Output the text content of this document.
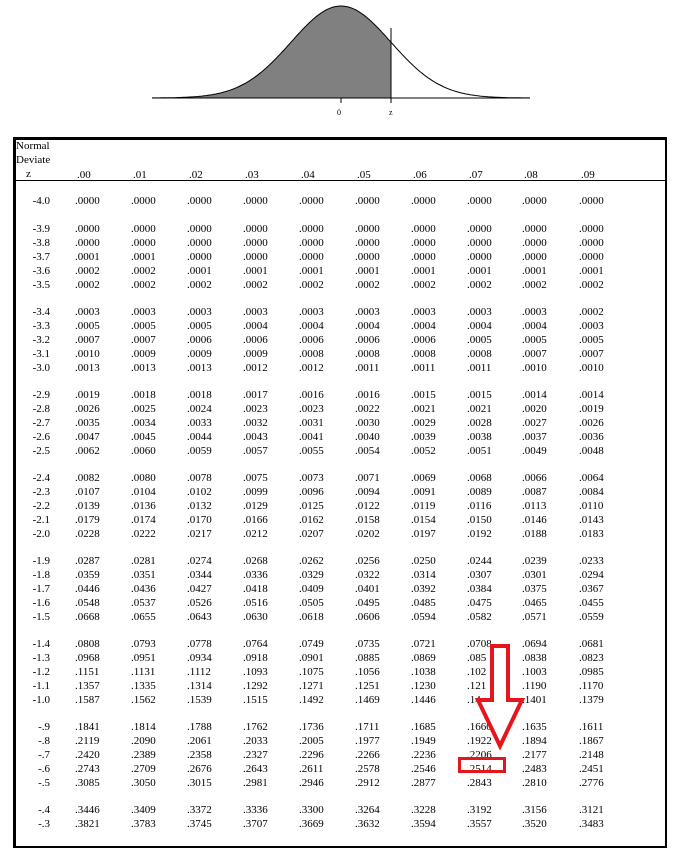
0	z
Normal
Deviate
z	.00	.01	.02	.03	.04	.05	.06	.07	.08	.09
-4.0 .0000	.0000	.0000	.0000	.0000	.0000	.0000	.0000	.0000	.0000
-3.9 .0000	.0000	.0000	.0000	.0000	.0000	.0000	.0000	.0000	.0000
-3.8 .0000	.0000	.0000	.0000	.0000	.0000	.0000	.0000	.0000	.0000
-3.7 .0001	.0001	.0000	.0000	.0000	.0000	.0000	.0000	.0000	.0000
-3.6 .0002	.0002	.0001	.0001	.0001	.0001	.0001	.0001	.0001	.0001
-3.5 .0002	.0002	.0002	.0002	.0002	.0002	.0002	.0002	.0002	.0002
-3.4 .0003	.0003	.0003	.0003	.0003	.0003	.0003	.0003	.0003	.0002
-3.3 .0005	.0005	.0005	.0004	.0004	.0004	.0004	.0004	.0004	.0003
-3.2 .0007	.0007	.0006	.0006	.0006	.0006	.0006	.0005	.0005	.0005
-3.1 .0010	.0009	.0009	.0009	.0008	.0008	.0008	.0008	.0007	.0007
-3.0 .0013	.0013	.0013	.0012	.0012	.0011	.0011	.0011	.0010	.0010
-2.9 .0019	.0018	.0018	.0017	.0016	.0016	.0015	.0015	.0014	.0014
-2.8 .0026	.0025	.0024	.0023	.0023	.0022	.0021	.0021	.0020	.0019
-2.7 .0035	.0034	.0033	.0032	.0031	.0030	.0029	.0028	.0027	.0026
-2.6 .0047	.0045	.0044	.0043	.0041	.0040	.0039	.0038	.0037	.0036
-2.5 .0062	.0060	.0059	.0057	.0055	.0054	.0052	.0051	.0049	.0048
-2.4 .0082	.0080	.0078	.0075	.0073	.0071	.0069	.0068	.0066	.0064
-2.3 .0107	.0104	.0102	.0099	.0096	.0094	.0091	.0089	.0087	.0084
-2.2 .0139	.0136	.0132	.0129	.0125	.0122	.0119	.0116	.0113	.0110
-2.1 .0179	.0174	.0170	.0166	.0162	.0158	.0154	.0150	.0146	.0143
-2.0 .0228	.0222	.0217	.0212	.0207	.0202	.0197	.0192	.0188	.0183
-1.9 .0287	.0281	.0274	.0268	.0262	.0256	.0250	.0244	.0239	.0233
-1.8 .0359	.0351	.0344	.0336	.0329	.0322	.0314	.0307	.0301	.0294
-1.7 .0446	.0436	.0427	.0418	.0409	.0401	.0392	.0384	.0375	.0367
-1.6 .0548	.0537	.0526	.0516	.0505	.0495	.0485	.0475	.0465	.0455
-1.5 .0668	.0655	.0643	.0630	.0618	.0606	.0594	.0582	.0571	.0559
-1.4 .0808	.0793	.0778	.0764	.0749	.0735	.0721	.0708	.0694	.0681
-1.3 .0968	.0951	.0934	.0918	.0901	.0885	.0869	.085	.0838	.0823
-1.2 .1151	.1131	.1112	.1093	.1075	.1056	.1038	.102	.1003	.0985
-1.1 .1357	.1335	.1314	.1292	.1271	.1251	.1230	.121	.1190	.1170
-1.0 .1587	.1562	.1539	.1515	.1492	.1469	.1446	.14	.1401	.1379
-.9 .1841	.1814	.1788	.1762	.1736	.1711	.1685	.1660	.1635	.1611
-.8 .2119	.2090	.2061	.2033	.2005	.1977	.1949	.1922	.1894	.1867
-.7 .2420	.2389	.2358	.2327	.2296	.2266	.2236	.2206	.2177	.2148
-.6 .2743	.2709	.2676	.2643	.2611	.2578	.2546	.2514	.2483	.2451
-.5 .3085	.3050	.3015	.2981	.2946	.2912	.2877	.2843	.2810	.2776
-.4 .3446	.3409	.3372	.3336	.3300	.3264	.3228	.3192	.3156	.3121
-.3 .3821	.3783	.3745	.3707	.3669	.3632	.3594	.3557	.3520	.3483
